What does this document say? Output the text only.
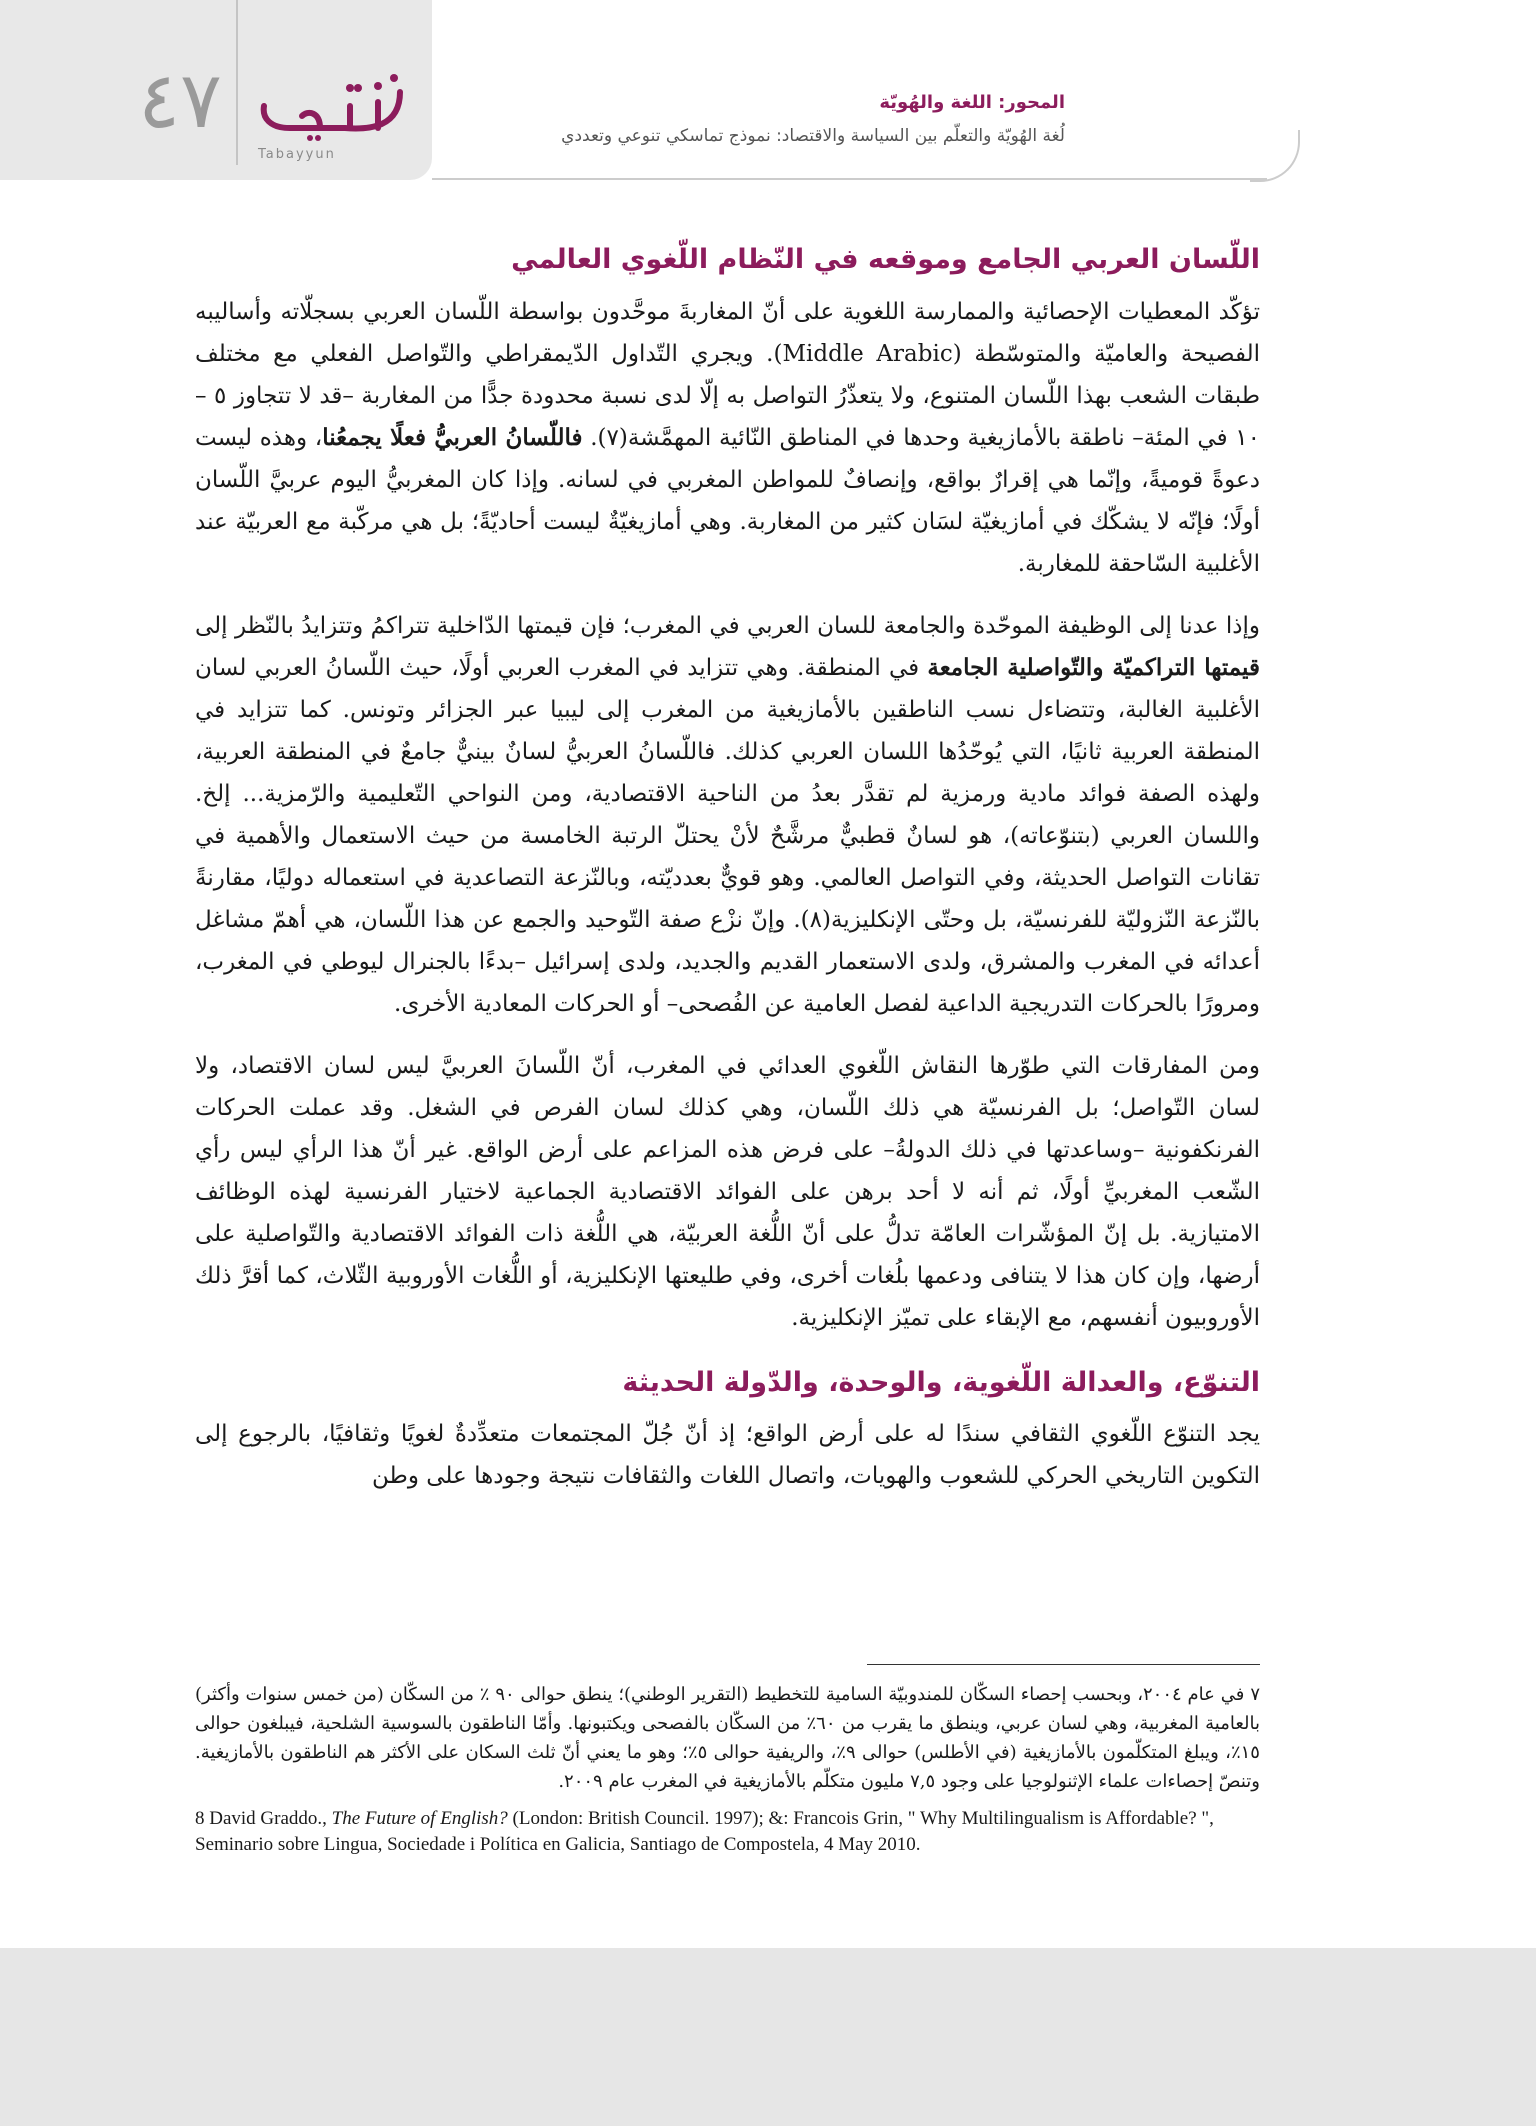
٤٧
Tabayyun
المحور: اللغة والهُويّة
لُغة الهُويّة والتعلّم بين السياسة والاقتصاد: نموذج تماسكي تنوعي وتعددي
اللّسان العربي الجامع وموقعه في النّظام اللّغوي العالمي

تؤكّد المعطيات الإحصائية والممارسة اللغوية على أنّ المغاربةَ موحَّدون بواسطة اللّسان العربي بسجلّاته وأساليبه الفصيحة والعاميّة والمتوسّطة (Middle Arabic). ويجري التّداول الدّيمقراطي والتّواصل الفعلي مع مختلف طبقات الشعب بهذا اللّسان المتنوع، ولا يتعذّرُ التواصل به إلّا لدى نسبة محدودة جدًّا من المغاربة –قد لا تتجاوز ٥ – ١٠ في المئة– ناطقة بالأمازيغية وحدها في المناطق النّائية المهمَّشة(٧). فاللّسانُ العربيُّ فعلًا يجمعُنا، وهذه ليست دعوةً قوميةً، وإنّما هي إقرارٌ بواقع، وإنصافٌ للمواطن المغربي في لسانه. وإذا كان المغربيُّ اليوم عربيَّ اللّسان أولًا؛ فإنّه لا يشكّك في أمازيغيّة لسَان كثير من المغاربة. وهي أمازيغيّةٌ ليست أحاديّةً؛ بل هي مركّبة مع العربيّة عند الأغلبية السّاحقة للمغاربة.

وإذا عدنا إلى الوظيفة الموحّدة والجامعة للسان العربي في المغرب؛ فإن قيمتها الدّاخلية تتراكمُ وتتزايدُ بالنّظر إلى قيمتها التراكميّة والتّواصلية الجامعة في المنطقة. وهي تتزايد في المغرب العربي أولًا، حيث اللّسانُ العربي لسان الأغلبية الغالبة، وتتضاءل نسب الناطقين بالأمازيغية من المغرب إلى ليبيا عبر الجزائر وتونس. كما تتزايد في المنطقة العربية ثانيًا، التي يُوحّدُها اللسان العربي كذلك. فاللّسانُ العربيُّ لسانٌ بينيٌّ جامعٌ في المنطقة العربية، ولهذه الصفة فوائد مادية ورمزية لم تقدَّر بعدُ من الناحية الاقتصادية، ومن النواحي التّعليمية والرّمزية... إلخ. واللسان العربي (بتنوّعاته)، هو لسانٌ قطبيٌّ مرشَّحٌ لأنْ يحتلّ الرتبة الخامسة من حيث الاستعمال والأهمية في تقانات التواصل الحديثة، وفي التواصل العالمي. وهو قويٌّ بعدديّته، وبالنّزعة التصاعدية في استعماله دوليًا، مقارنةً بالنّزعة النّزوليّة للفرنسيّة، بل وحتّى الإنكليزية(٨). وإنّ نزْع صفة التّوحيد والجمع عن هذا اللّسان، هي أهمّ مشاغل أعدائه في المغرب والمشرق، ولدى الاستعمار القديم والجديد، ولدى إسرائيل –بدءًا بالجنرال ليوطي في المغرب، ومرورًا بالحركات التدريجية الداعية لفصل العامية عن الفُصحى– أو الحركات المعادية الأخرى.

ومن المفارقات التي طوّرها النقاش اللّغوي العدائي في المغرب، أنّ اللّسانَ العربيَّ ليس لسان الاقتصاد، ولا لسان التّواصل؛ بل الفرنسيّة هي ذلك اللّسان، وهي كذلك لسان الفرص في الشغل. وقد عملت الحركات الفرنكفونية –وساعدتها في ذلك الدولةُ– على فرض هذه المزاعم على أرض الواقع. غير أنّ هذا الرأي ليس رأي الشّعب المغربيِّ أولًا، ثم أنه لا أحد برهن على الفوائد الاقتصادية الجماعية لاختيار الفرنسية لهذه الوظائف الامتيازية. بل إنّ المؤشّرات العامّة تدلُّ على أنّ اللُّغة العربيّة، هي اللُّغة ذات الفوائد الاقتصادية والتّواصلية على أرضها، وإن كان هذا لا يتنافى ودعمها بلُغات أخرى، وفي طليعتها الإنكليزية، أو اللُّغات الأوروبية الثّلاث، كما أقرَّ ذلك الأوروبيون أنفسهم، مع الإبقاء على تميّز الإنكليزية.

التنوّع، والعدالة اللّغوية، والوحدة، والدّولة الحديثة

يجد التنوّع اللّغوي الثقافي سندًا له على أرض الواقع؛ إذ أنّ جُلّ المجتمعات متعدِّدةٌ لغويًا وثقافيًا، بالرجوع إلى التكوين التاريخي الحركي للشعوب والهويات، واتصال اللغات والثقافات نتيجة وجودها على وطن

٧في عام ٢٠٠٤، وبحسب إحصاء السكّان للمندوبيّة السامية للتخطيط (التقرير الوطني)؛ ينطق حوالى ٩٠ ٪ من السكّان (من خمس سنوات وأكثر) بالعامية المغربية، وهي لسان عربي، وينطق ما يقرب من ٦٠٪ من السكّان بالفصحى ويكتبونها. وأمّا الناطقون بالسوسية الشلحية، فيبلغون حوالى ١٥٪، ويبلغ المتكلّمون بالأمازيغية (في الأطلس) حوالى ٩٪، والريفية حوالى ٥٪؛ وهو ما يعني أنّ ثلث السكان على الأكثر هم الناطقون بالأمازيغية. وتنصّ إحصاءات علماء الإثنولوجيا على وجود ٧,٥ مليون متكلّم بالأمازيغية في المغرب عام ٢٠٠٩.

8 David Graddo., The Future of English? (London: British Council. 1997); &: Francois Grin, " Why Multilingualism is Affordable? ", Seminario sobre Lingua, Sociedade i Política en Galicia, Santiago de Compostela, 4 May 2010.
